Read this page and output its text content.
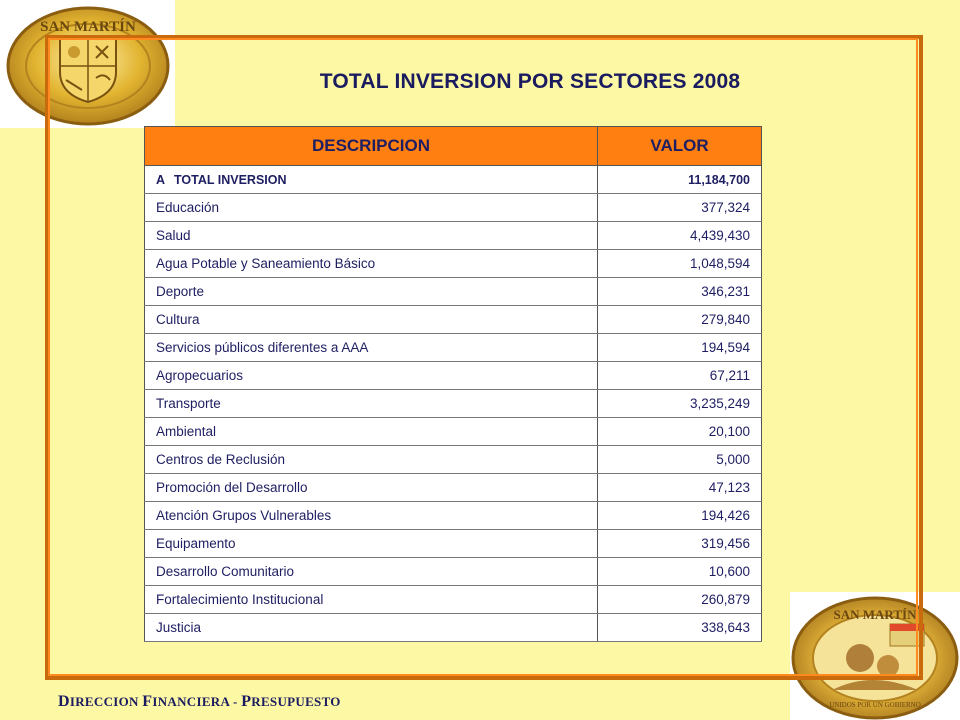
SAN MARTÍN
SAN MARTÍN
UNIDOS POR UN GOBIERNO
TOTAL INVERSION POR SECTORES 2008
DESCRIPCION	VALOR
A TOTAL INVERSION	11,184,700
Educación	377,324
Salud	4,439,430
Agua Potable y Saneamiento Básico	1,048,594
Deporte	346,231
Cultura	279,840
Servicios públicos diferentes a AAA	194,594
Agropecuarios	67,211
Transporte	3,235,249
Ambiental	20,100
Centros de Reclusión	5,000
Promoción del Desarrollo	47,123
Atención Grupos Vulnerables	194,426
Equipamento	319,456
Desarrollo Comunitario	10,600
Fortalecimiento Institucional	260,879
Justicia	338,643
DIRECCION FINANCIERA - PRESUPUESTO
